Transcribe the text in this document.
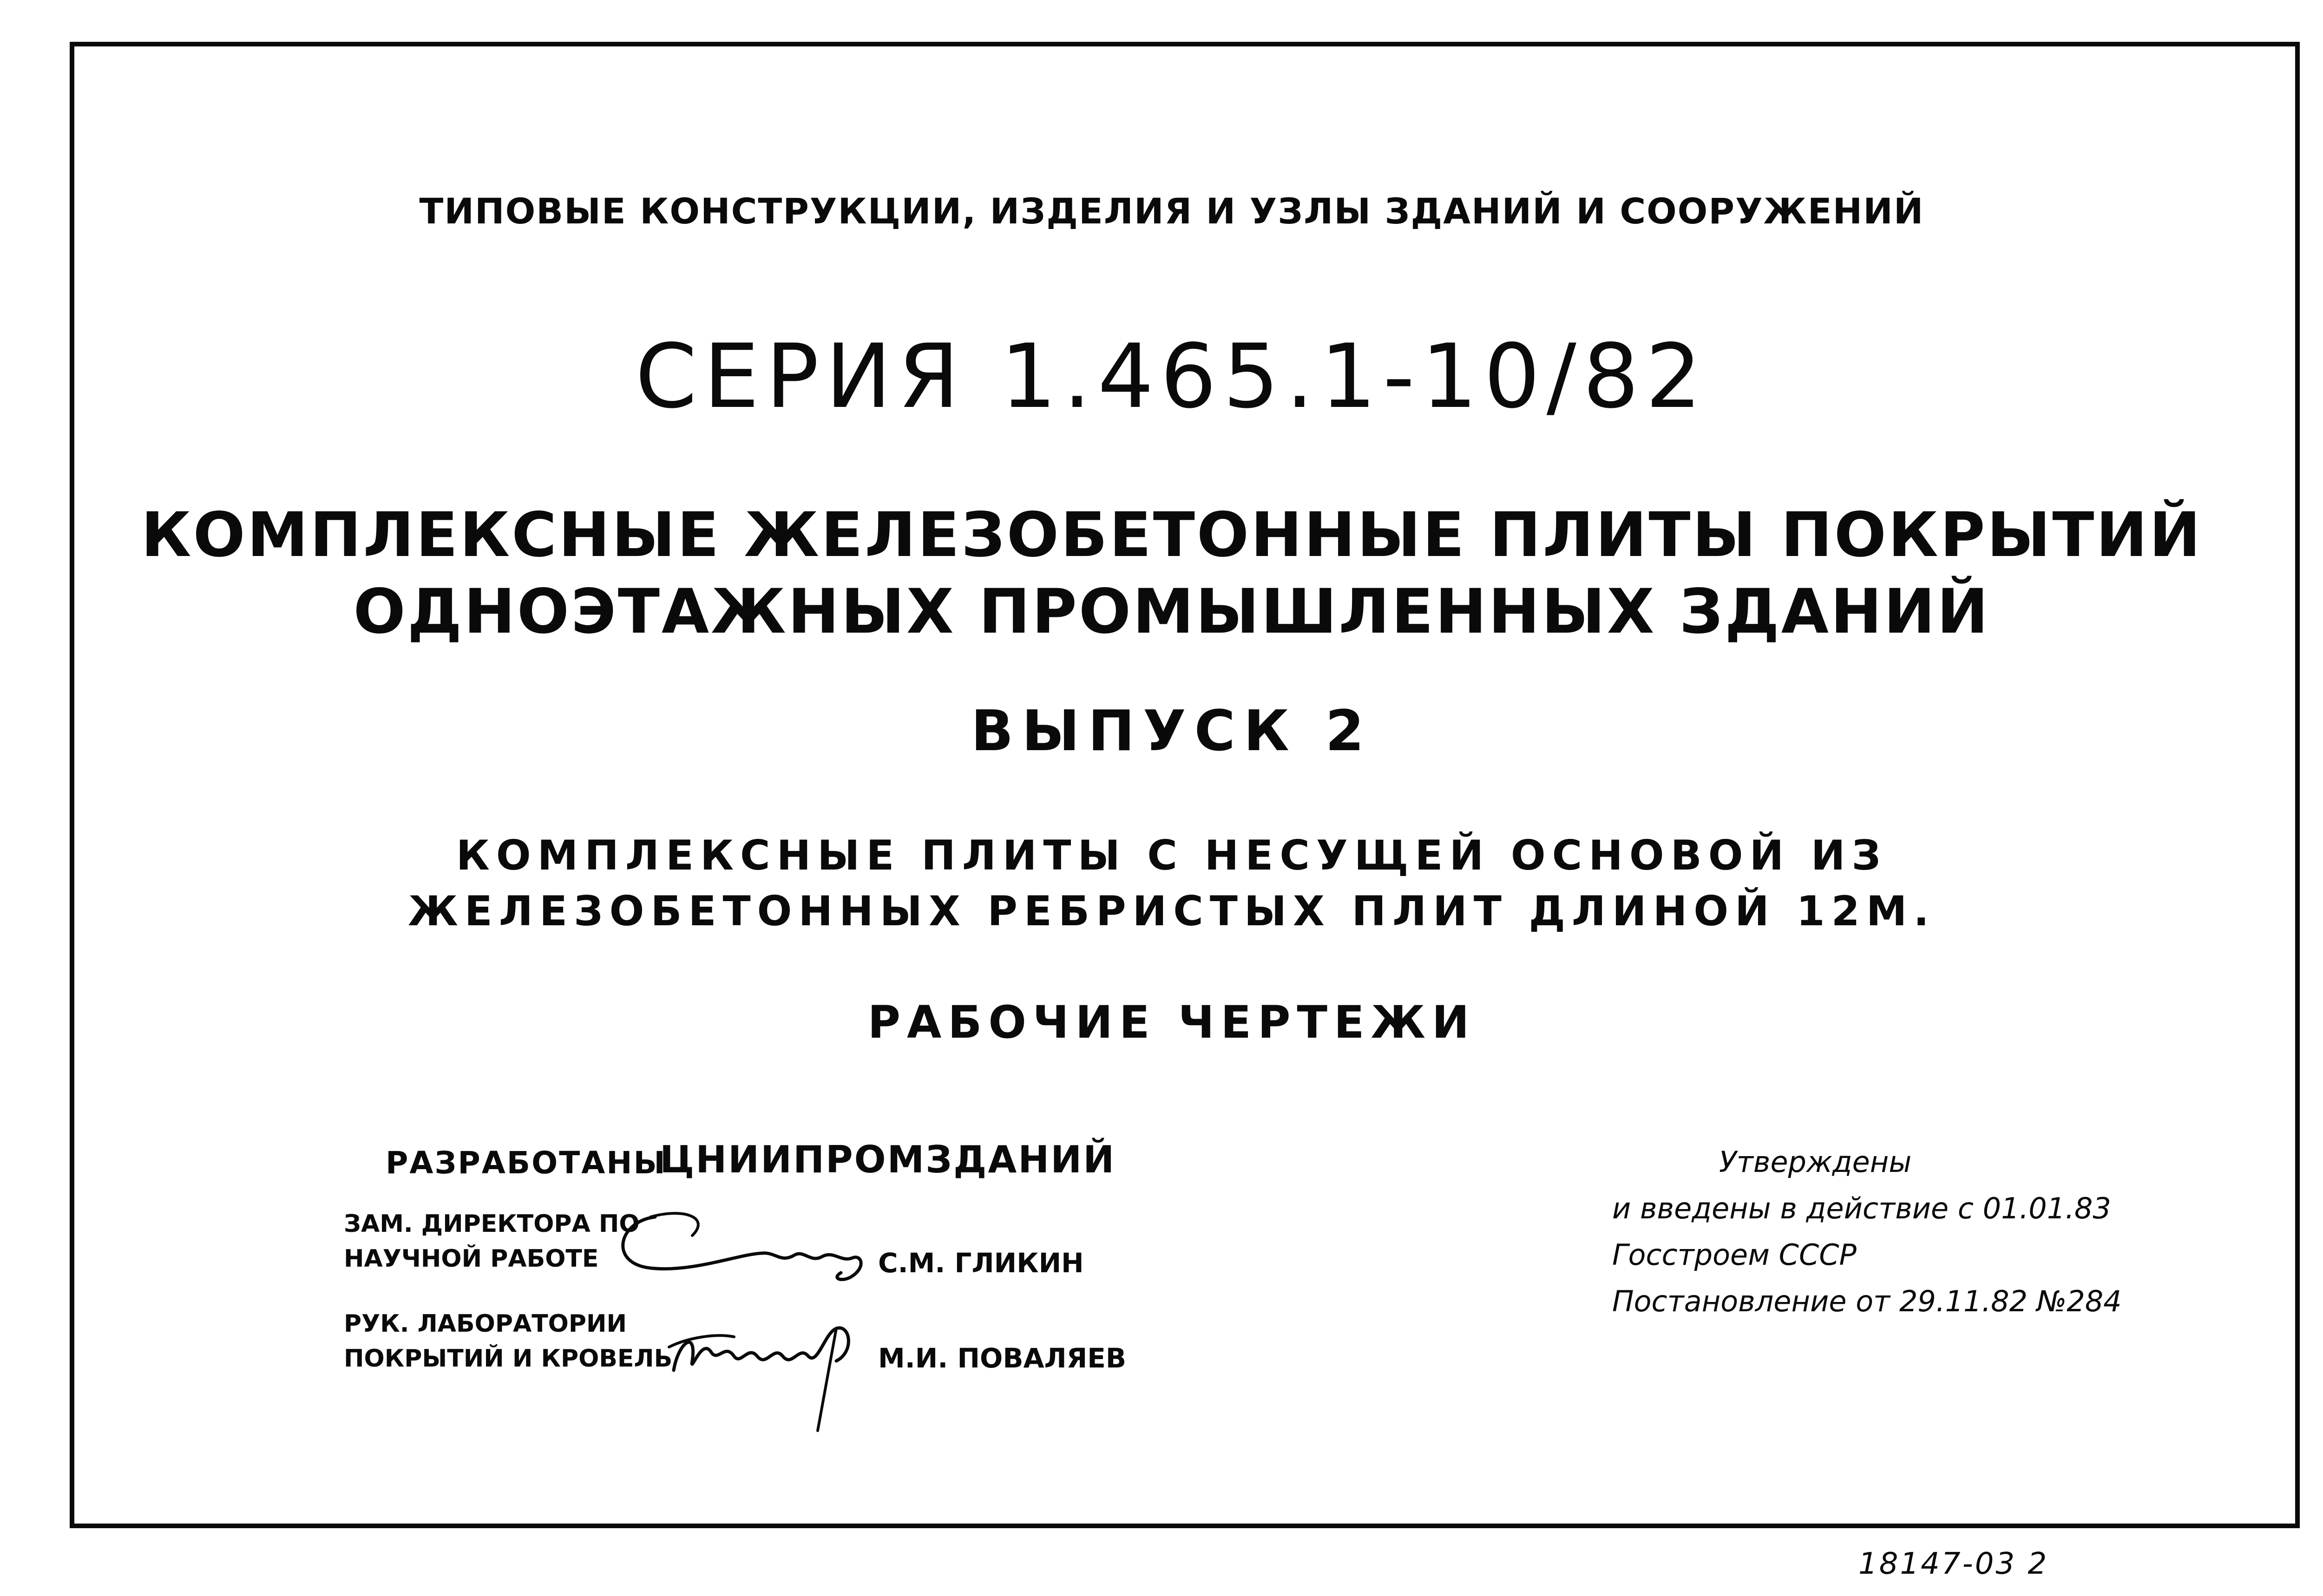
ТИПОВЫЕ КОНСТРУКЦИИ, ИЗДЕЛИЯ И УЗЛЫ ЗДАНИЙ И СООРУЖЕНИЙ
СЕРИЯ 1.465.1-10/82
КОМПЛЕКСНЫЕ ЖЕЛЕЗОБЕТОННЫЕ ПЛИТЫ ПОКРЫТИЙ
ОДНОЭТАЖНЫХ ПРОМЫШЛЕННЫХ ЗДАНИЙ
ВЫПУСК 2
КОМПЛЕКСНЫЕ ПЛИТЫ С НЕСУЩЕЙ ОСНОВОЙ ИЗ
ЖЕЛЕЗОБЕТОННЫХ РЕБРИСТЫХ ПЛИТ ДЛИНОЙ 12М.
РАБОЧИЕ ЧЕРТЕЖИ
РАЗРАБОТАНЫ
ЦНИИПРОМЗДАНИЙ
ЗАМ. ДИРЕКТОРА ПО
НАУЧНОЙ РАБОТЕ	С.М. ГЛИКИН
РУК. ЛАБОРАТОРИИ
ПОКРЫТИЙ И КРОВЕЛЬ	М.И. ПОВАЛЯЕВ
Утверждены
и введены в действие с 01.01.83
Госстроем СССР
Постановление от 29.11.82 №284
18147-03 2
